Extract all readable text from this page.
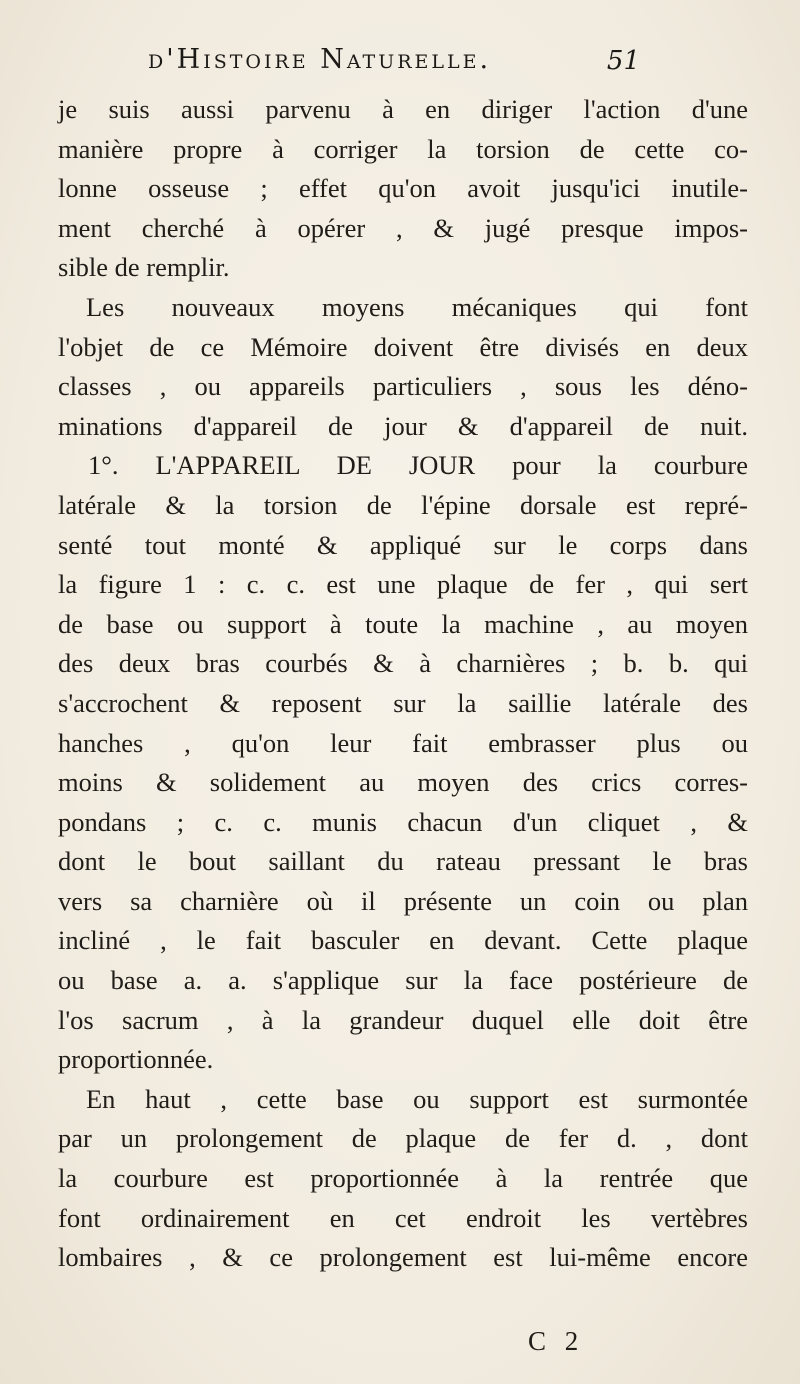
d'Histoire Naturelle.	51
je suis aussi parvenu à en diriger l'action d'une
manière propre à corriger la torsion de cette co-
lonne osseuse ; effet qu'on avoit jusqu'ici inutile-
ment cherché à opérer , & jugé presque impos-
sible de remplir.
Les nouveaux moyens mécaniques qui font
l'objet de ce Mémoire doivent être divisés en deux
classes , ou appareils particuliers , sous les déno-
minations d'appareil de jour & d'appareil de nuit.
1°. L'APPAREIL DE JOUR pour la courbure
latérale & la torsion de l'épine dorsale est repré-
senté tout monté & appliqué sur le corps dans
la figure 1 : c. c. est une plaque de fer , qui sert
de base ou support à toute la machine , au moyen
des deux bras courbés & à charnières ; b. b. qui
s'accrochent & reposent sur la saillie latérale des
hanches , qu'on leur fait embrasser plus ou
moins & solidement au moyen des crics corres-
pondans ; c. c. munis chacun d'un cliquet , &
dont le bout saillant du rateau pressant le bras
vers sa charnière où il présente un coin ou plan
incliné , le fait basculer en devant. Cette plaque
ou base a. a. s'applique sur la face postérieure de
l'os sacrum , à la grandeur duquel elle doit être
proportionnée.
En haut , cette base ou support est surmontée
par un prolongement de plaque de fer d. , dont
la courbure est proportionnée à la rentrée que
font ordinairement en cet endroit les vertèbres
lombaires , & ce prolongement est lui-même encore
C 2
